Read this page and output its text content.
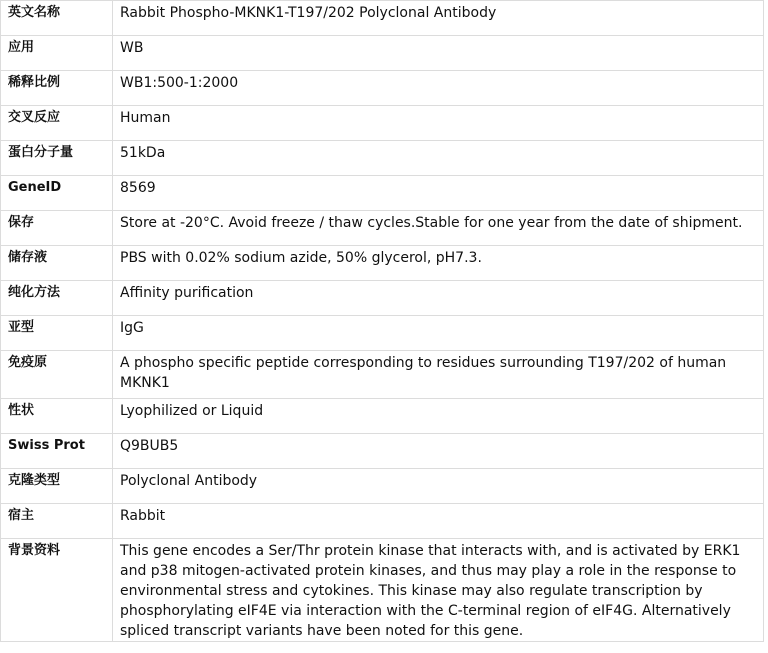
英文名称	Rabbit Phospho-MKNK1-T197/202 Polyclonal Antibody
应用	WB
稀释比例	WB1:500-1:2000
交叉反应	Human
蛋白分子量	51kDa
GeneID	8569
保存	Store at -20°C. Avoid freeze / thaw cycles.Stable for one year from the date of shipment.
储存液	PBS with 0.02% sodium azide, 50% glycerol, pH7.3.
纯化方法	Affinity purification
亚型	IgG
免疫原	A phospho specific peptide corresponding to residues surrounding T197/202 of human MKNK1
性状	Lyophilized or Liquid
Swiss Prot	Q9BUB5
克隆类型	Polyclonal Antibody
宿主	Rabbit
背景资料	This gene encodes a Ser/Thr protein kinase that interacts with, and is activated by ERK1 and p38 mitogen-activated protein kinases, and thus may play a role in the response to environmental stress and cytokines. This kinase may also regulate transcription by phosphorylating eIF4E via interaction with the C-terminal region of eIF4G. Alternatively spliced transcript variants have been noted for this gene.
